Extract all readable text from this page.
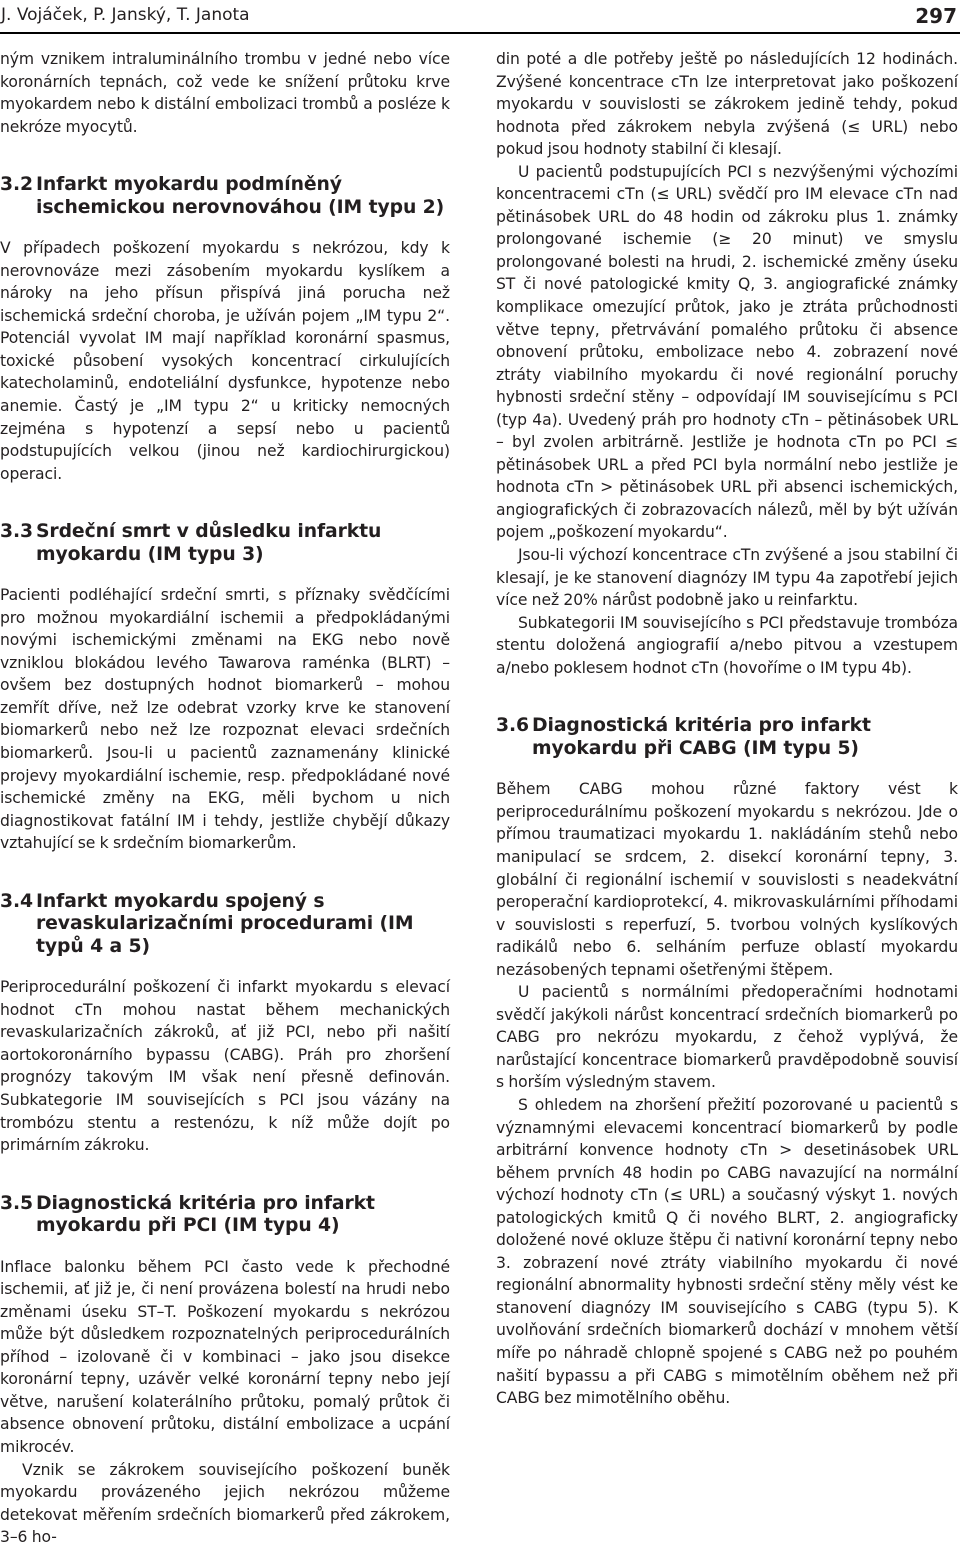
J. Vojáček, P. Janský, T. Janota	297

ným vznikem intraluminálního trombu v jedné nebo více koronárních tepnách, což vede ke snížení průtoku krve myokardem nebo k distální embolizaci trombů a posléze k nekróze myocytů.

3.2 Infarkt myokardu podmíněný ischemickou nerovnováhou (IM typu 2)

V případech poškození myokardu s nekrózou, kdy k nerovnováze mezi zásobením myokardu kyslíkem a nároky na jeho přísun přispívá jiná porucha než ischemická srdeční choroba, je užíván pojem „IM typu 2“. Potenciál vyvolat IM mají například koronární spasmus, toxické působení vysokých koncentrací cirkulujících katecholaminů, endoteliální dysfunkce, hypotenze nebo anemie. Častý je „IM typu 2“ u kriticky nemocných zejména s hypotenzí a sepsí nebo u pacientů podstupujících velkou (jinou než kardiochirurgickou) operaci.

3.3 Srdeční smrt v důsledku infarktu myokardu (IM typu 3)

Pacienti podléhající srdeční smrti, s příznaky svědčícími pro možnou myokardiální ischemii a předpokládanými novými ischemickými změnami na EKG nebo nově vzniklou blokádou levého Tawarova raménka (BLRT) – ovšem bez dostupných hodnot biomarkerů – mohou zemřít dříve, než lze odebrat vzorky krve ke stanovení biomarkerů nebo než lze rozpoznat elevaci srdečních biomarkerů. Jsou-li u pacientů zaznamenány klinické projevy myokardiální ischemie, resp. předpokládané nové ischemické změny na EKG, měli bychom u nich diagnostikovat fatální IM i tehdy, jestliže chybějí důkazy vztahující se k srdečním biomarkerům.

3.4 Infarkt myokardu spojený s revaskularizačními procedurami (IM typů 4 a 5)

Periprocedurální poškození či infarkt myokardu s elevací hodnot cTn mohou nastat během mechanických revaskularizačních zákroků, ať již PCI, nebo při našití aortokoronárního bypassu (CABG). Práh pro zhoršení prognózy takovým IM však není přesně definován. Subkategorie IM souvisejících s PCI jsou vázány na trombózu stentu a restenózu, k níž může dojít po primárním zákroku.

3.5 Diagnostická kritéria pro infarkt myokardu při PCI (IM typu 4)

Inflace balonku během PCI často vede k přechodné ischemii, ať již je, či není provázena bolestí na hrudi nebo změnami úseku ST–T. Poškození myokardu s nekrózou může být důsledkem rozpoznatelných periprocedurálních příhod – izolovaně či v kombinaci – jako jsou disekce koronární tepny, uzávěr velké koronární tepny nebo její větve, narušení kolaterálního průtoku, pomalý průtok či absence obnovení průtoku, distální embolizace a ucpání mikrocév.

Vznik se zákrokem souvisejícího poškození buněk myokardu provázeného jejich nekrózou můžeme detekovat měřením srdečních biomarkerů před zákrokem, 3–6 ho-

din poté a dle potřeby ještě po následujících 12 hodinách. Zvýšené koncentrace cTn lze interpretovat jako poškození myokardu v souvislosti se zákrokem jedině tehdy, pokud hodnota před zákrokem nebyla zvýšená (≤ URL) nebo pokud jsou hodnoty stabilní či klesají.

U pacientů podstupujících PCI s nezvýšenými výchozími koncentracemi cTn (≤ URL) svědčí pro IM elevace cTn nad pětinásobek URL do 48 hodin od zákroku plus 1. známky prolongované ischemie (≥ 20 minut) ve smyslu prolongované bolesti na hrudi, 2. ischemické změny úseku ST či nové patologické kmity Q, 3. angiografické známky komplikace omezující průtok, jako je ztráta průchodnosti větve tepny, přetrvávání pomalého průtoku či absence obnovení průtoku, embolizace nebo 4. zobrazení nové ztráty viabilního myokardu či nové regionální poruchy hybnosti srdeční stěny – odpovídají IM souvisejícímu s PCI (typ 4a). Uvedený práh pro hodnoty cTn – pětinásobek URL – byl zvolen arbitrárně. Jestliže je hodnota cTn po PCI ≤ pětinásobek URL a před PCI byla normální nebo jestliže je hodnota cTn > pětinásobek URL při absenci ischemických, angiografických či zobrazovacích nálezů, měl by být užíván pojem „poškození myokardu“.

Jsou-li výchozí koncentrace cTn zvýšené a jsou stabilní či klesají, je ke stanovení diagnózy IM typu 4a zapotřebí jejich více než 20% nárůst podobně jako u reinfarktu.

Subkategorii IM souvisejícího s PCI představuje trombóza stentu doložená angiografií a/nebo pitvou a vzestupem a/nebo poklesem hodnot cTn (hovoříme o IM typu 4b).

3.6 Diagnostická kritéria pro infarkt myokardu při CABG (IM typu 5)

Během CABG mohou různé faktory vést k periprocedurálnímu poškození myokardu s nekrózou. Jde o přímou traumatizaci myokardu 1. nakládáním stehů nebo manipulací se srdcem, 2. disekcí koronární tepny, 3. globální či regionální ischemií v souvislosti s neadekvátní peroperační kardioprotekcí, 4. mikrovaskulárními příhodami v souvislosti s reperfuzí, 5. tvorbou volných kyslíkových radikálů nebo 6. selháním perfuze oblastí myokardu nezásobených tepnami ošetřenými štěpem.

U pacientů s normálními předoperačními hodnotami svědčí jakýkoli nárůst koncentrací srdečních biomarkerů po CABG pro nekrózu myokardu, z čehož vyplývá, že narůstající koncentrace biomarkerů pravděpodobně souvisí s horším výsledným stavem.

S ohledem na zhoršení přežití pozorované u pacientů s významnými elevacemi koncentrací biomarkerů by podle arbitrární konvence hodnoty cTn > desetinásobek URL během prvních 48 hodin po CABG navazující na normální výchozí hodnoty cTn (≤ URL) a současný výskyt 1. nových patologických kmitů Q či nového BLRT, 2. angiograficky doložené nové okluze štěpu či nativní koronární tepny nebo 3. zobrazení nové ztráty viabilního myokardu či nové regionální abnormality hybnosti srdeční stěny měly vést ke stanovení diagnózy IM souvisejícího s CABG (typu 5). K uvolňování srdečních biomarkerů dochází v mnohem větší míře po náhradě chlopně spojené s CABG než po pouhém našití bypassu a při CABG s mimotělním oběhem než při CABG bez mimotělního oběhu.
